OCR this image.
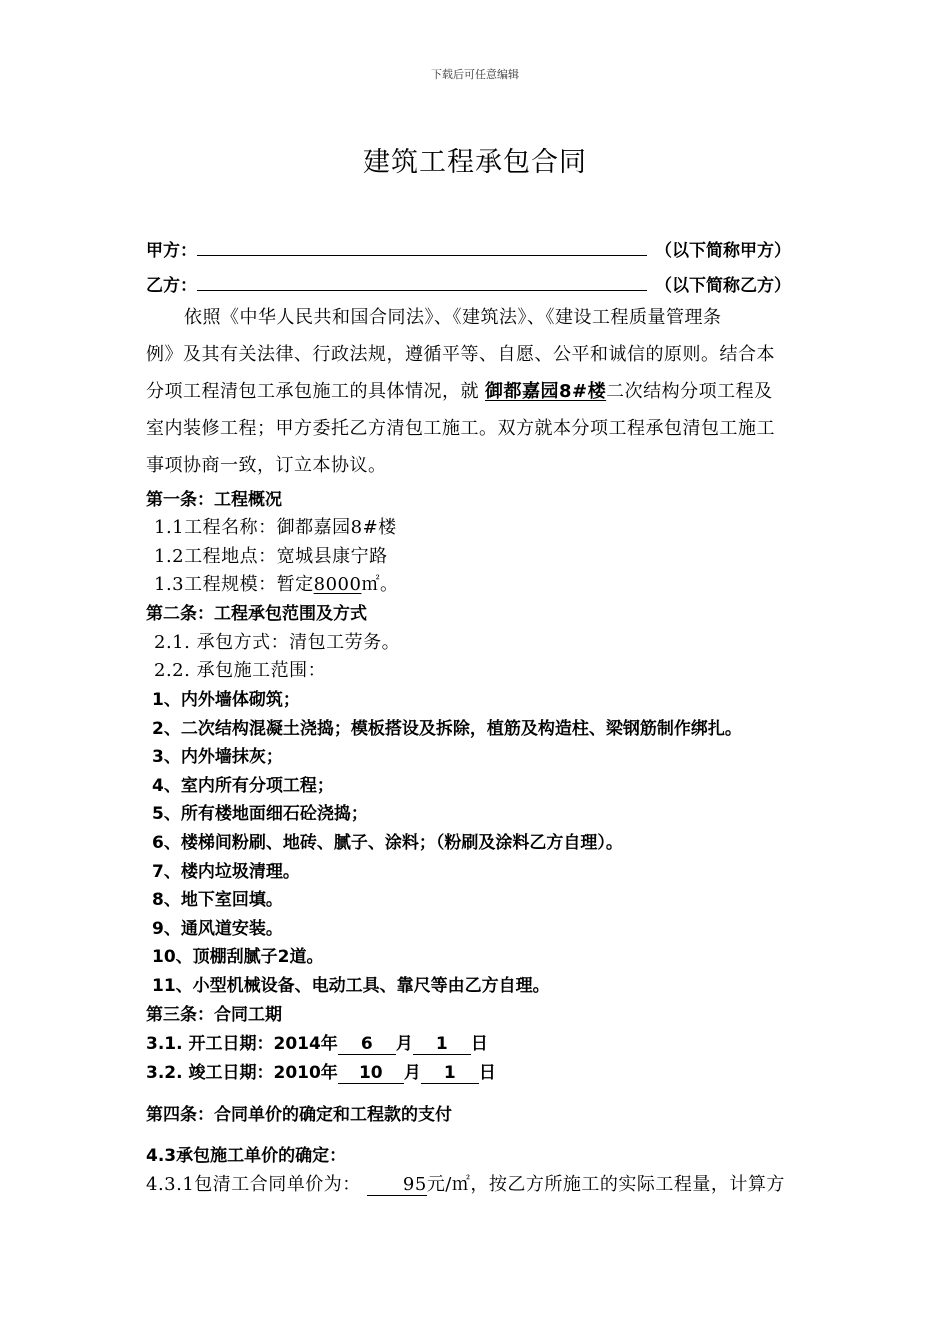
下载后可任意编辑
建筑工程承包合同
甲方：	（以下简称甲方）
乙方：	（以下简称乙方）
依照《中华人民共和国合同法》、《建筑法》、《建设工程质量管理条
例》及其有关法律、行政法规，遵循平等、自愿、公平和诚信的原则。结合本
分项工程清包工承包施工的具体情况，就 御都嘉园8#楼二次结构分项工程及
室内装修工程；甲方委托乙方清包工施工。双方就本分项工程承包清包工施工
事项协商一致，订立本协议。
第一条：工程概况
1.1工程名称：御都嘉园8#楼
1.2工程地点：宽城县康宁路
1.3工程规模：暂定8000㎡。
第二条：工程承包范围及方式
2.1. 承包方式：清包工劳务。
2.2. 承包施工范围：
1、内外墙体砌筑；
2、二次结构混凝土浇捣；模板搭设及拆除，植筋及构造柱、梁钢筋制作绑扎。
3、内外墙抹灰；
4、室内所有分项工程；
5、所有楼地面细石砼浇捣；
6、楼梯间粉刷、地砖、腻子、涂料；（粉刷及涂料乙方自理）。
7、楼内垃圾清理。
8、地下室回填。
9、通风道安装。
10、顶棚刮腻子2道。
11、小型机械设备、电动工具、靠尺等由乙方自理。
第三条：合同工期
3.1. 开工日期：2014年 6 月 1 日
3.2. 竣工日期：2010年 10 月 1 日
第四条：合同单价的确定和工程款的支付
4.3承包施工单价的确定：
4.3.1包清工合同单价为： 95元/㎡，按乙方所施工的实际工程量，计算方
